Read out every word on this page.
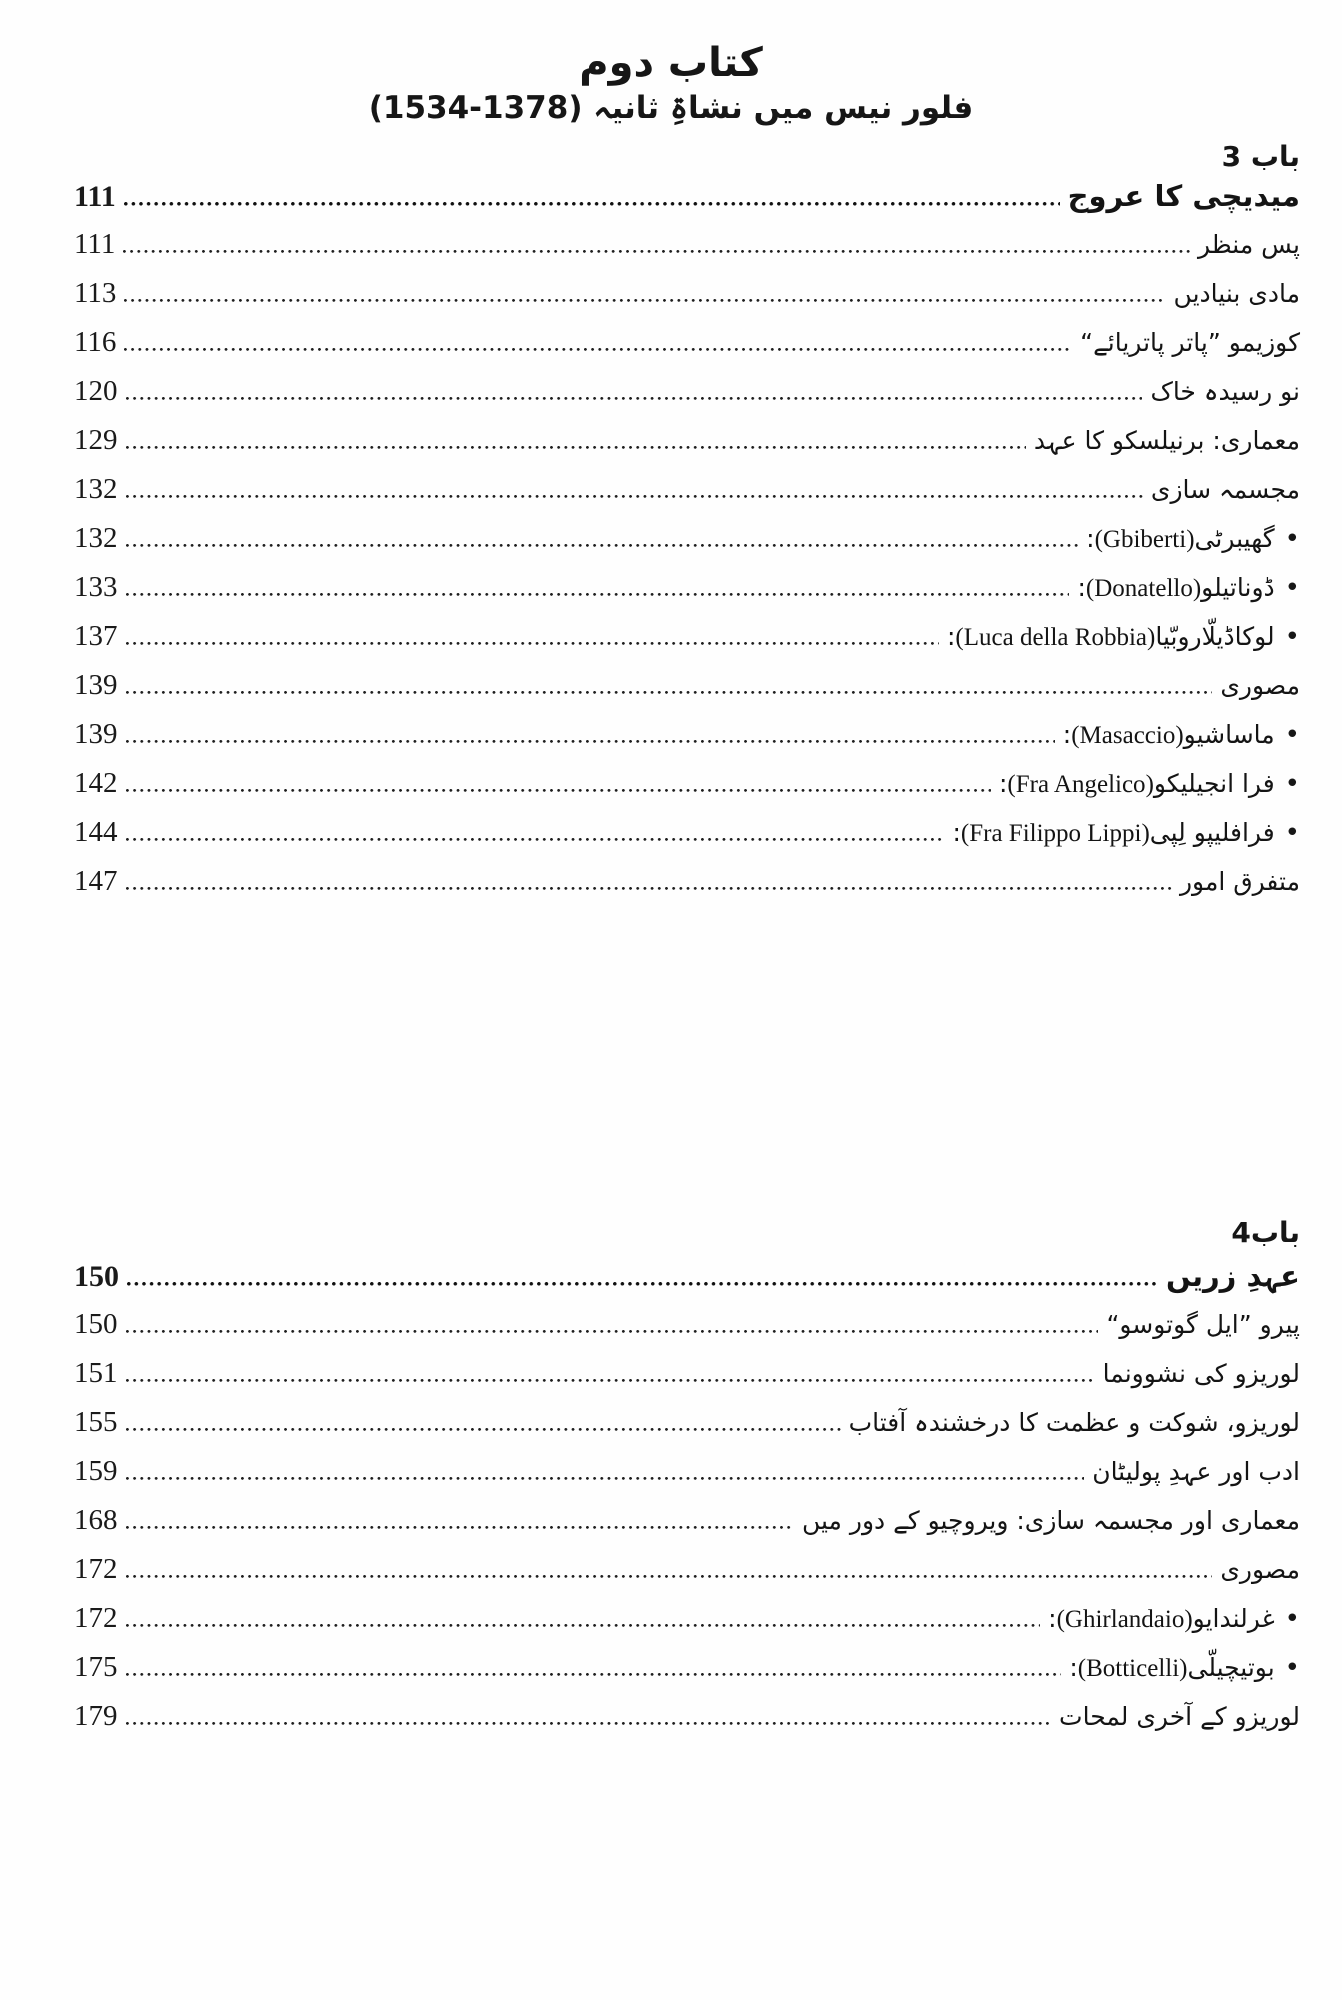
کتاب دوم
فلور نیس میں نشاۃِ ثانیہ (1378-1534)
باب 3
میدیچی کا عروج
111
پس منظر
111
مادی بنیادیں
113
کوزیمو ”پاتر پاتریائے“
116
نو رسیدہ خاک
120
معماری: برنیلسکو کا عہد
129
مجسمہ سازی
132
•
گھیبرٹی(Gbiberti):
132
•
ڈوناتیلو(Donatello):
133
•
لوکاڈیلّاروبّیا(Luca della Robbia):
137
مصوری
139
•
ماساشیو(Masaccio):
139
•
فرا انجیلیکو(Fra Angelico):
142
•
فرافلیپو لِپی(Fra Filippo Lippi):
144
متفرق امور
147
باب4
عہدِ زریں
150
پیرو ”ایل گوتوسو“
150
لوریزو کی نشوونما
151
لوریزو، شوکت و عظمت کا درخشندہ آفتاب
155
ادب اور عہدِ پولیٹان
159
معماری اور مجسمہ سازی: ویروچیو کے دور میں
168
مصوری
172
•
غرلندایو(Ghirlandaio):
172
•
بوتیچیلّی(Botticelli):
175
لوریزو کے آخری لمحات
179
